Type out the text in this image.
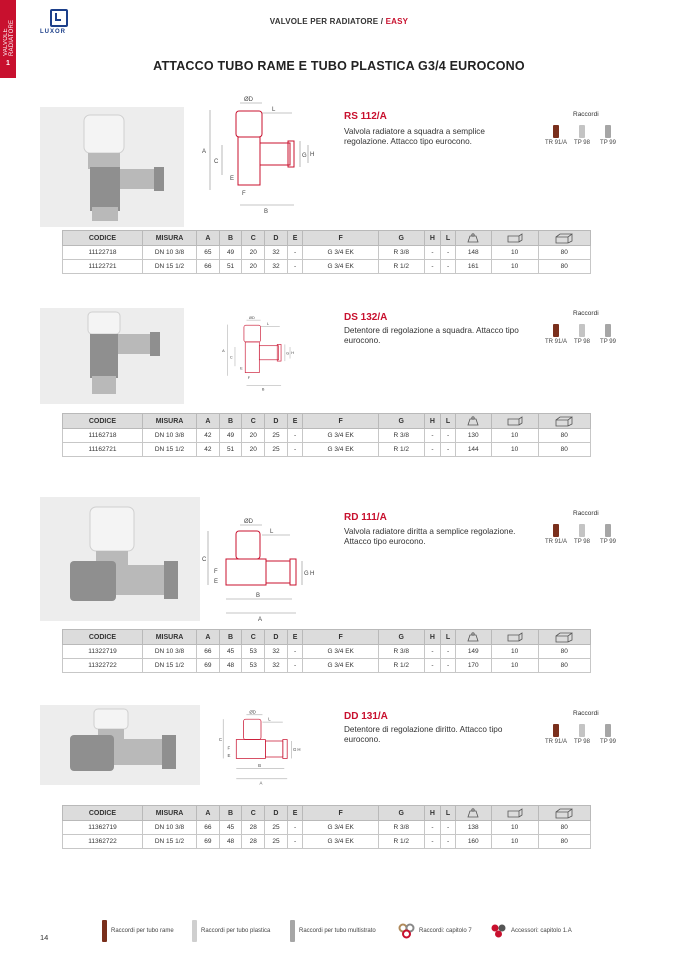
VALVOLE RADIATORE
1
LUXOR
VALVOLE PER RADIATORE / EASY
ATTACCO TUBO RAME E TUBO PLASTICA G3/4 EUROCONO
A
ØD
L
G H
C
E
F
B
RS 112/A
Valvola radiatore a squadra a semplice regolazione. Attacco tipo eurocono.
Raccordi
TR 91/A	TP 98	TP 99
CODICE	MISURA	A	B	C	D	E	F	G	H	L			
11122718	DN 10 3/8	65	49	20	32	-	G 3/4 EK	R 3/8	-	-	148	10	80
11122721	DN 15 1/2	66	51	20	32	-	G 3/4 EK	R 1/2	-	-	161	10	80
A
ØD
L
G H
C
E
F
B
DS 132/A
Detentore di regolazione a squadra. Attacco tipo eurocono.
Raccordi
TR 91/A	TP 98	TP 99
CODICE	MISURA	A	B	C	D	E	F	G	H	L			
11162718	DN 10 3/8	42	49	20	25	-	G 3/4 EK	R 3/8	-	-	130	10	80
11162721	DN 15 1/2	42	51	20	25	-	G 3/4 EK	R 1/2	-	-	144	10	80
ØD
L
C
F
E
G H
B
A
RD 111/A
Valvola radiatore diritta a semplice regolazione. Attacco tipo eurocono.
Raccordi
TR 91/A	TP 98	TP 99
CODICE	MISURA	A	B	C	D	E	F	G	H	L			
11322719	DN 10 3/8	66	45	53	32	-	G 3/4 EK	R 3/8	-	-	149	10	80
11322722	DN 15 1/2	69	48	53	32	-	G 3/4 EK	R 1/2	-	-	170	10	80
ØD
L
C
F
E
G H
B
A
DD 131/A
Detentore di regolazione diritto. Attacco tipo eurocono.
Raccordi
TR 91/A	TP 98	TP 99
CODICE	MISURA	A	B	C	D	E	F	G	H	L			
11362719	DN 10 3/8	66	45	28	25	-	G 3/4 EK	R 3/8	-	-	138	10	80
11362722	DN 15 1/2	69	48	28	25	-	G 3/4 EK	R 1/2	-	-	160	10	80
14
Raccordi per tubo rame	Raccordi per tubo plastica	Raccordi per tubo multistrato	Raccordi: capitolo 7	Accessori: capitolo 1.A
